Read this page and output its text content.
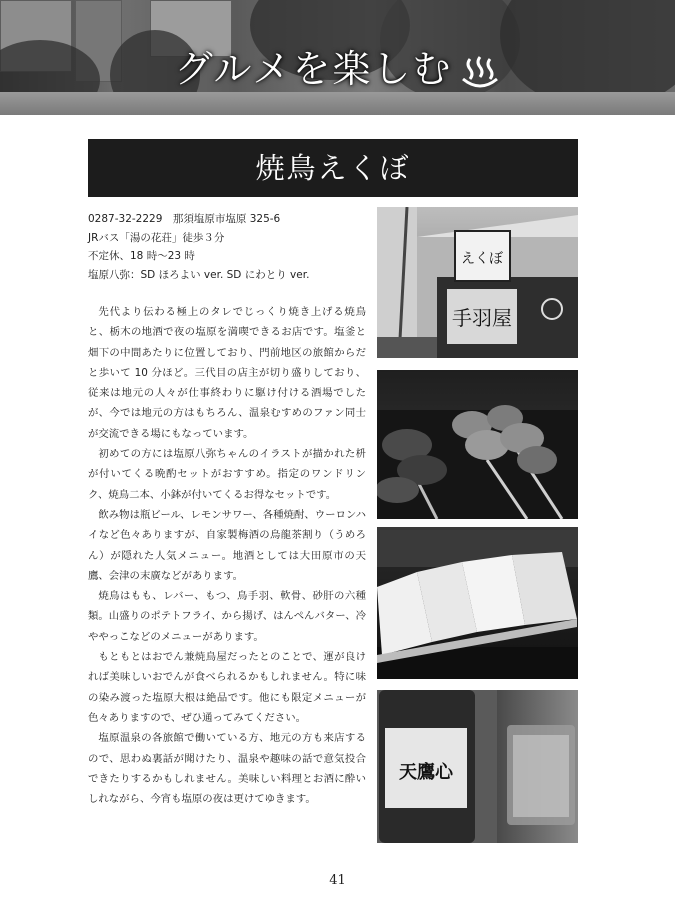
グルメを楽しむ
焼鳥えくぼ
0287-32-2229　那須塩原市塩原 325-6
JRバス「湯の花荘」徒歩３分
不定休、18 時～23 時
塩原八弥：SD ほろよい ver. SD にわとり ver.

先代より伝わる極上のタレでじっくり焼き上げる焼鳥と、栃木の地酒で夜の塩原を満喫できるお店です。塩釜と畑下の中間あたりに位置しており、門前地区の旅館からだと歩いて 10 分ほど。三代目の店主が切り盛りしており、従来は地元の人々が仕事終わりに駆け付ける酒場でしたが、今では地元の方はもちろん、温泉むすめのファン同士が交流できる場にもなっています。

初めての方には塩原八弥ちゃんのイラストが描かれた枡が付いてくる晩酌セットがおすすめ。指定のワンドリンク、焼鳥二本、小鉢が付いてくるお得なセットです。

飲み物は瓶ビール、レモンサワー、各種焼酎、ウーロンハイなど色々ありますが、自家製梅酒の烏龍茶割り（うめろん）が隠れた人気メニュー。地酒としては大田原市の天鷹、会津の末廣などがあります。

焼鳥はもも、レバー、もつ、鳥手羽、軟骨、砂肝の六種類。山盛りのポテトフライ、から揚げ、はんぺんバター、冷ややっこなどのメニューがあります。

もともとはおでん兼焼鳥屋だったとのことで、運が良ければ美味しいおでんが食べられるかもしれません。特に味の染み渡った塩原大根は絶品です。他にも限定メニューが色々ありますので、ぜひ通ってみてください。

塩原温泉の各旅館で働いている方、地元の方も来店するので、思わぬ裏話が聞けたり、温泉や趣味の話で意気投合できたりするかもしれません。美味しい料理とお酒に酔いしれながら、今宵も塩原の夜は更けてゆきます。

えくぼ
手羽屋
天鷹心
41
